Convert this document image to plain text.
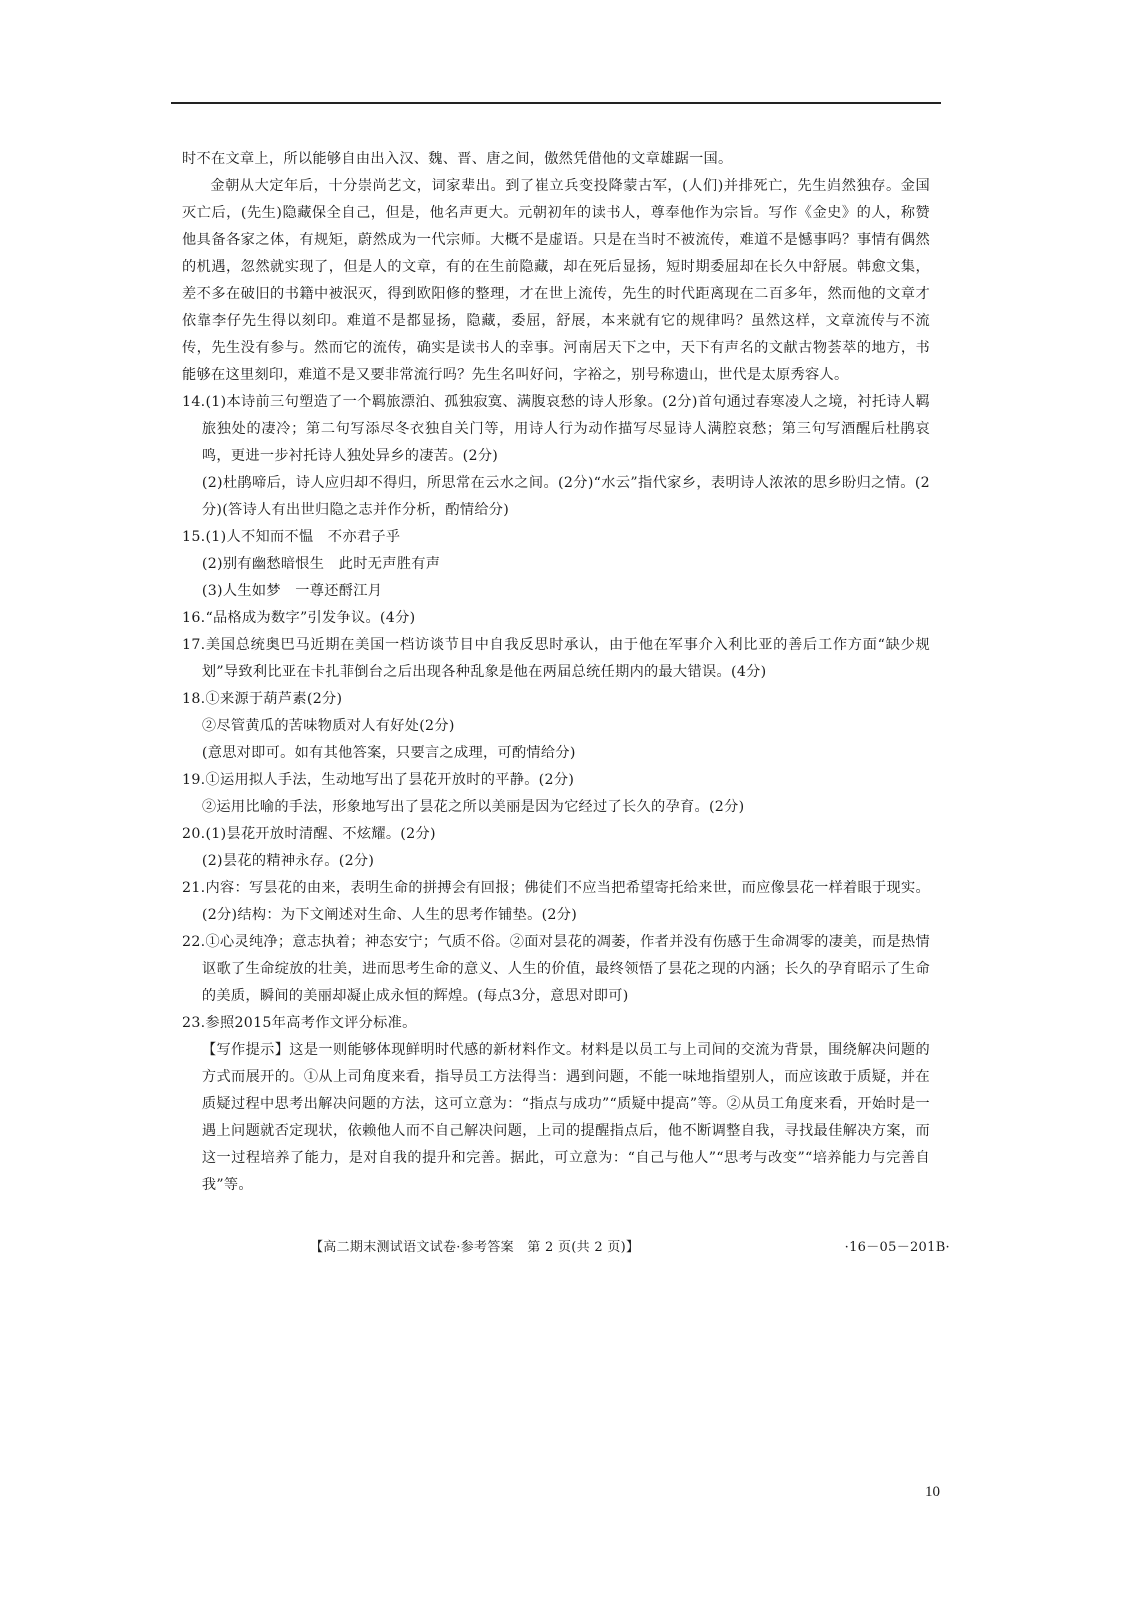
时不在文章上，所以能够自由出入汉、魏、晋、唐之间，傲然凭借他的文章雄踞一国。

金朝从大定年后，十分崇尚艺文，词家辈出。到了崔立兵变投降蒙古军，(人们)并排死亡，先生岿然独存。金国灭亡后，(先生)隐藏保全自己，但是，他名声更大。元朝初年的读书人，尊奉他作为宗旨。写作《金史》的人，称赞他具备各家之体，有规矩，蔚然成为一代宗师。大概不是虚语。只是在当时不被流传，难道不是憾事吗？事情有偶然的机遇，忽然就实现了，但是人的文章，有的在生前隐藏，却在死后显扬，短时期委屈却在长久中舒展。韩愈文集，差不多在破旧的书籍中被泯灭，得到欧阳修的整理，才在世上流传，先生的时代距离现在二百多年，然而他的文章才依靠李仔先生得以刻印。难道不是都显扬，隐藏，委屈，舒展，本来就有它的规律吗？虽然这样，文章流传与不流传，先生没有参与。然而它的流传，确实是读书人的幸事。河南居天下之中，天下有声名的文献古物荟萃的地方，书能够在这里刻印，难道不是又要非常流行吗？先生名叫好问，字裕之，别号称遗山，世代是太原秀容人。

14.(1)本诗前三句塑造了一个羁旅漂泊、孤独寂寞、满腹哀愁的诗人形象。(2分)首句通过春寒凌人之境，衬托诗人羁旅独处的凄冷；第二句写添尽冬衣独自关门等，用诗人行为动作描写尽显诗人满腔哀愁；第三句写酒醒后杜鹃哀鸣，更进一步衬托诗人独处异乡的凄苦。(2分)

(2)杜鹃啼后，诗人应归却不得归，所思常在云水之间。(2分)“水云”指代家乡，表明诗人浓浓的思乡盼归之情。(2分)(答诗人有出世归隐之志并作分析，酌情给分)

15.(1)人不知而不愠　不亦君子乎

(2)别有幽愁暗恨生　此时无声胜有声

(3)人生如梦　一尊还酹江月

16.“品格成为数字”引发争议。(4分)

17.美国总统奥巴马近期在美国一档访谈节目中自我反思时承认，由于他在军事介入利比亚的善后工作方面“缺少规划”导致利比亚在卡扎菲倒台之后出现各种乱象是他在两届总统任期内的最大错误。(4分)

18.①来源于葫芦素(2分)

②尽管黄瓜的苦味物质对人有好处(2分)

(意思对即可。如有其他答案，只要言之成理，可酌情给分)

19.①运用拟人手法，生动地写出了昙花开放时的平静。(2分)

②运用比喻的手法，形象地写出了昙花之所以美丽是因为它经过了长久的孕育。(2分)

20.(1)昙花开放时清醒、不炫耀。(2分)

(2)昙花的精神永存。(2分)

21.内容：写昙花的由来，表明生命的拼搏会有回报；佛徒们不应当把希望寄托给来世，而应像昙花一样着眼于现实。(2分)结构：为下文阐述对生命、人生的思考作铺垫。(2分)

22.①心灵纯净；意志执着；神态安宁；气质不俗。②面对昙花的凋萎，作者并没有伤感于生命凋零的凄美，而是热情讴歌了生命绽放的壮美，进而思考生命的意义、人生的价值，最终领悟了昙花之现的内涵；长久的孕育昭示了生命的美质，瞬间的美丽却凝止成永恒的辉煌。(每点3分，意思对即可)

23.参照2015年高考作文评分标准。

【写作提示】这是一则能够体现鲜明时代感的新材料作文。材料是以员工与上司间的交流为背景，围绕解决问题的方式而展开的。①从上司角度来看，指导员工方法得当：遇到问题，不能一味地指望别人，而应该敢于质疑，并在质疑过程中思考出解决问题的方法，这可立意为：“指点与成功”“质疑中提高”等。②从员工角度来看，开始时是一遇上问题就否定现状，依赖他人而不自己解决问题，上司的提醒指点后，他不断调整自我，寻找最佳解决方案，而这一过程培养了能力，是对自我的提升和完善。据此，可立意为：“自己与他人”“思考与改变”“培养能力与完善自我”等。

【高二期末测试语文试卷·参考答案　第 2 页(共 2 页)】	·16－05－201B·
10
